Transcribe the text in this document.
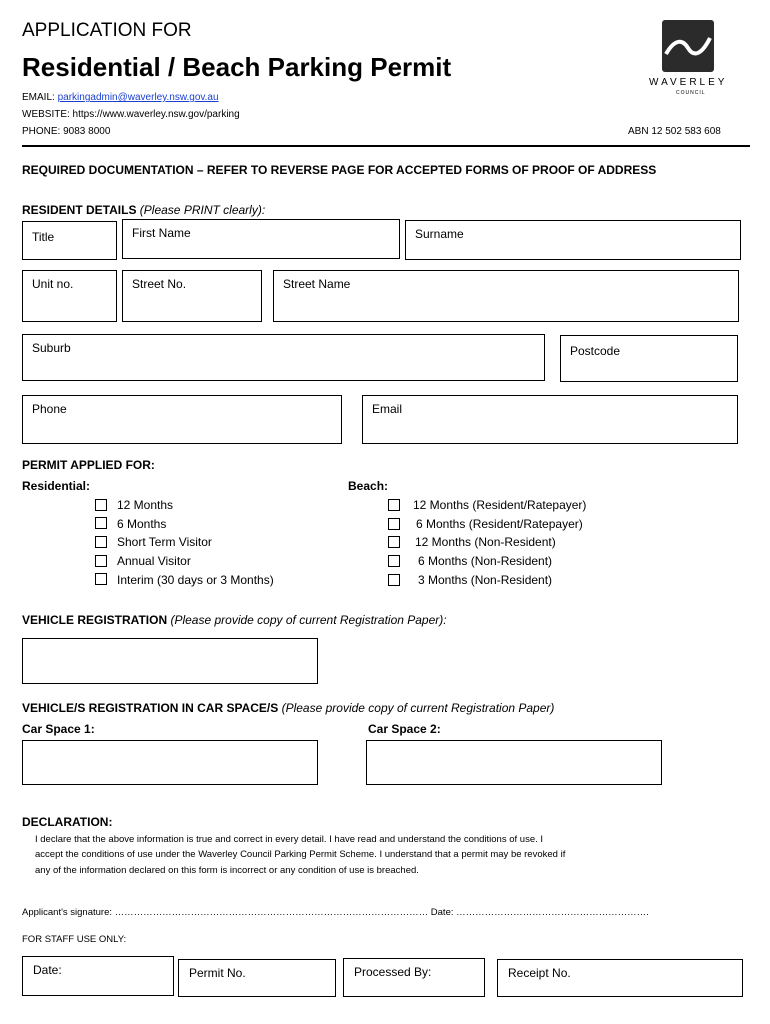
APPLICATION FOR
Residential / Beach Parking Permit
EMAIL: parkingadmin@waverley.nsw.gov.au
WEBSITE: https://www.waverley.nsw.gov/parking
PHONE: 9083 8000	ABN 12 502 583 608
WAVERLEY
COUNCIL
REQUIRED DOCUMENTATION – REFER TO REVERSE PAGE FOR ACCEPTED FORMS OF PROOF OF ADDRESS
RESIDENT DETAILS (Please PRINT clearly):
Title	First Name	Surname
Unit no.	Street No.	Street Name
Suburb	Postcode
Phone	Email
PERMIT APPLIED FOR:
Residential:	Beach:
12 Months
6 Months
Short Term Visitor
Annual Visitor
Interim (30 days or 3 Months)
12 Months (Resident/Ratepayer)
6 Months (Resident/Ratepayer)
12 Months (Non-Resident)
6 Months (Non-Resident)
3 Months (Non-Resident)
VEHICLE REGISTRATION (Please provide copy of current Registration Paper):
VEHICLE/S REGISTRATION IN CAR SPACE/S (Please provide copy of current Registration Paper)
Car Space 1:	Car Space 2:
DECLARATION:
I declare that the above information is true and correct in every detail. I have read and understand the conditions of use. I
accept the conditions of use under the Waverley Council Parking Permit Scheme. I understand that a permit may be revoked if
any of the information declared on this form is incorrect or any condition of use is breached.
Applicant's signature: ……………………………………………………………………………………… Date: …………………………………………………….
FOR STAFF USE ONLY:
Date:	Permit No.	Processed By:	Receipt No.
